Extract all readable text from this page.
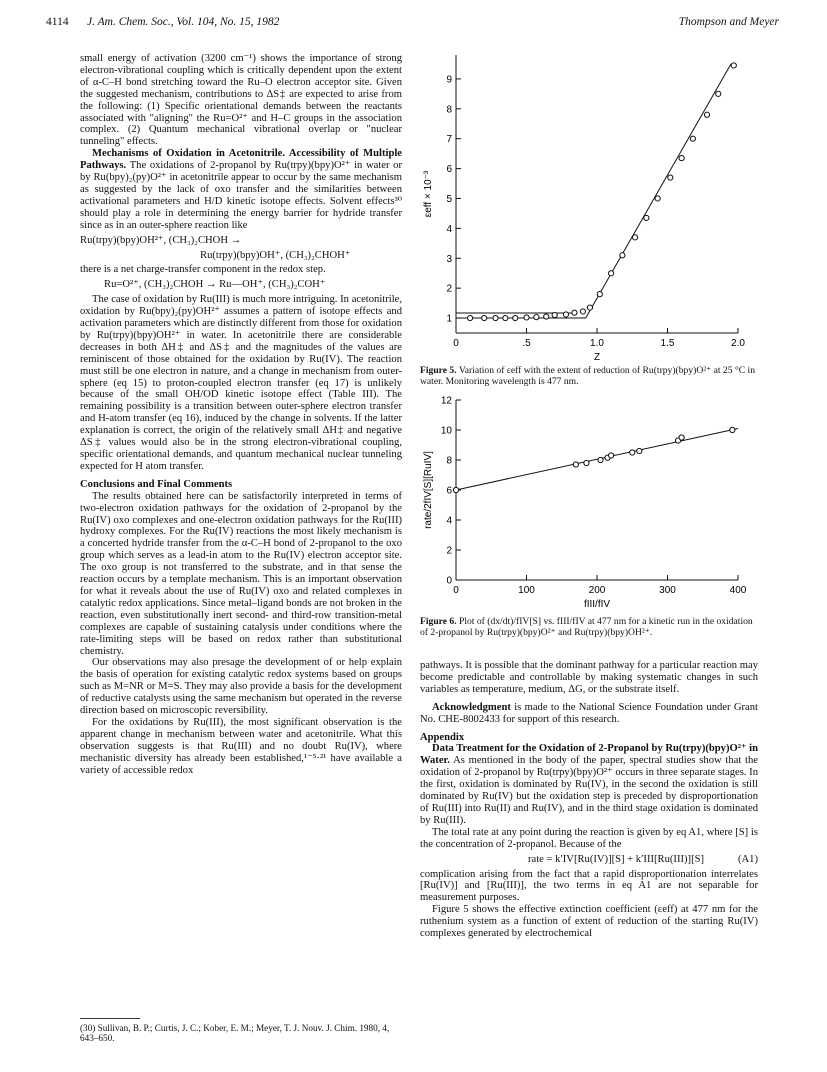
4114 J. Am. Chem. Soc., Vol. 104, No. 15, 1982	Thompson and Meyer

small energy of activation (3200 cm⁻¹) shows the importance of strong electron-vibrational coupling which is critically dependent upon the extent of α-C–H bond stretching toward the Ru–O electron acceptor site. Given the suggested mechanism, contributions to ΔS‡ are expected to arise from the following: (1) Specific orientational demands between the reactants associated with "aligning" the Ru=O²⁺ and H–C groups in the association complex. (2) Quantum mechanical vibrational overlap or "nuclear tunneling" effects.

Mechanisms of Oxidation in Acetonitrile. Accessibility of Multiple Pathways. The oxidations of 2-propanol by Ru(trpy)(bpy)O²⁺ in water or by Ru(bpy)₂(py)O²⁺ in acetonitrile appear to occur by the same mechanism as suggested by the lack of oxo transfer and the similarities between activational parameters and H/D kinetic isotope effects. Solvent effects³⁰ should play a role in determining the energy barrier for hydride transfer since as in an outer-sphere reaction like

Ru(trpy)(bpy)OH²⁺, (CH₃)₂CHOH →

Ru(trpy)(bpy)OH⁺, (CH₃)₂CHOH⁺

there is a net charge-transfer component in the redox step.

Ru=O²⁺, (CH₃)₂CHOH → Ru—OH⁺, (CH₃)₂COH⁺

The case of oxidation by Ru(III) is much more intriguing. In acetonitrile, oxidation by Ru(bpy)₂(py)OH²⁺ assumes a pattern of isotope effects and activation parameters which are distinctly different from those for oxidation by Ru(trpy)(bpy)OH²⁺ in water. In acetonitrile there are considerable decreases in both ΔH‡ and ΔS‡ and the magnitudes of the values are reminiscent of those obtained for the oxidation by Ru(IV). The reaction must still be one electron in nature, and a change in mechanism from outer-sphere (eq 15) to proton-coupled electron transfer (eq 17) is unlikely because of the small OH/OD kinetic isotope effect (Table III). The remaining possibility is a transition between outer-sphere electron transfer and H-atom transfer (eq 16), induced by the change in solvents. If the latter explanation is correct, the origin of the relatively small ΔH‡ and negative ΔS‡ values would also be in the strong electron-vibrational coupling, specific orientational demands, and quantum mechanical nuclear tunneling expected for H atom transfer.

Conclusions and Final Comments

The results obtained here can be satisfactorily interpreted in terms of two-electron oxidation pathways for the oxidation of 2-propanol by the Ru(IV) oxo complexes and one-electron oxidation pathways for the Ru(III) hydroxy complexes. For the Ru(IV) reactions the most likely mechanism is a concerted hydride transfer from the α-C–H bond of 2-propanol to the oxo group which serves as a lead-in atom to the Ru(IV) electron acceptor site. The oxo group is not transferred to the substrate, and in that sense the reaction occurs by a template mechanism. This is an important observation for what it reveals about the use of Ru(IV) oxo and related complexes in catalytic redox applications. Since metal–ligand bonds are not broken in the reaction, even substitutionally inert second- and third-row transition-metal complexes are capable of sustaining catalysis under conditions where the rate-limiting steps will be based on redox rather than substitutional chemistry.

Our observations may also presage the development of or help explain the basis of operation for existing catalytic redox systems based on groups such as M=NR or M=S. They may also provide a basis for the development of reductive catalysts using the same mechanism but operated in the reverse direction based on microscopic reversibility.

For the oxidations by Ru(III), the most significant observation is the apparent change in mechanism between water and acetonitrile. What this observation suggests is that Ru(III) and no doubt Ru(IV), where mechanistic diversity has already been established,¹⁻⁵·²¹ have available a variety of accessible redox

(30) Sullivan, B. P.; Curtis, J. C.; Kober, E. M.; Meyer, T. J. Nouv. J. Chim. 1980, 4, 643–650.
0	.5	1.0	1.5	2.0
1
2
3
4
5
6
7
8
9
Z
εeff × 10⁻³
Figure 5. Variation of εeff with the extent of reduction of Ru(trpy)(bpy)O²⁺ at 25 °C in water. Monitoring wavelength is 477 nm.
0	100	200	300	400
0
2
4
6
8
10
12
fIII/fIV
rate/2fIV[S][RuIV]
Figure 6. Plot of (dx/dt)/fIV[S] vs. fIII/fIV at 477 nm for a kinetic run in the oxidation of 2-propanol by Ru(trpy)(bpy)O²⁺ and Ru(trpy)(bpy)OH²⁺.

pathways. It is possible that the dominant pathway for a particular reaction may become predictable and controllable by making systematic changes in such variables as temperature, medium, ΔG, or the substrate itself.

Acknowledgment is made to the National Science Foundation under Grant No. CHE-8002433 for support of this research.

Appendix

Data Treatment for the Oxidation of 2-Propanol by Ru(trpy)(bpy)O²⁺ in Water. As mentioned in the body of the paper, spectral studies show that the oxidation of 2-propanol by Ru(trpy)(bpy)O²⁺ occurs in three separate stages. In the first, oxidation is dominated by Ru(IV), in the second the oxidation is still dominated by Ru(IV) but the oxidation step is preceded by disproportionation of Ru(III) into Ru(II) and Ru(IV), and in the third stage oxidation is dominated by Ru(III).

The total rate at any point during the reaction is given by eq A1, where [S] is the concentration of 2-propanol. Because of the

rate = k′IV[Ru(IV)][S] + k′III[Ru(III)][S]	(A1)

complication arising from the fact that a rapid disproportionation interrelates [Ru(IV)] and [Ru(III)], the two terms in eq A1 are not separable for measurement purposes.

Figure 5 shows the effective extinction coefficient (εeff) at 477 nm for the ruthenium system as a function of extent of reduction of the starting Ru(IV) complexes generated by electrochemical
